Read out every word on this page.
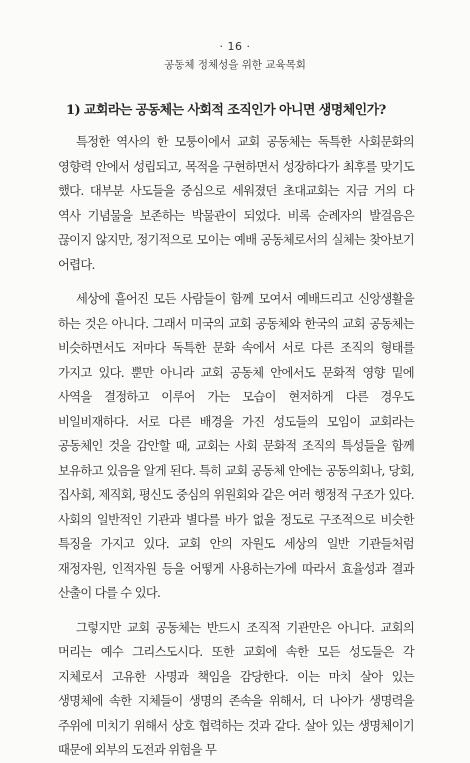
· 16 ·
공동체 정체성을 위한 교육목회
1) 교회라는 공동체는 사회적 조직인가 아니면 생명체인가?

특정한 역사의 한 모퉁이에서 교회 공동체는 독특한 사회문화의 영향력 안에서 성립되고, 목적을 구현하면서 성장하다가 최후를 맞기도 했다. 대부분 사도들을 중심으로 세워졌던 초대교회는 지금 거의 다 역사 기념물을 보존하는 박물관이 되었다. 비록 순례자의 발걸음은 끊이지 않지만, 정기적으로 모이는 예배 공동체로서의 실체는 찾아보기 어렵다.

세상에 흩어진 모든 사람들이 함께 모여서 예배드리고 신앙생활을 하는 것은 아니다. 그래서 미국의 교회 공동체와 한국의 교회 공동체는 비슷하면서도 저마다 독특한 문화 속에서 서로 다른 조직의 형태를 가지고 있다. 뿐만 아니라 교회 공동체 안에서도 문화적 영향 밑에 사역을 결정하고 이루어 가는 모습이 현저하게 다른 경우도 비일비재하다. 서로 다른 배경을 가진 성도들의 모임이 교회라는 공동체인 것을 감안할 때, 교회는 사회 문화적 조직의 특성들을 함께 보유하고 있음을 알게 된다. 특히 교회 공동체 안에는 공동의회나, 당회, 집사회, 제직회, 평신도 중심의 위원회와 같은 여러 행정적 구조가 있다. 사회의 일반적인 기관과 별다를 바가 없을 정도로 구조적으로 비슷한 특징을 가지고 있다. 교회 안의 자원도 세상의 일반 기관들처럼 재정자원, 인적자원 등을 어떻게 사용하는가에 따라서 효율성과 결과 산출이 다를 수 있다.

그렇지만 교회 공동체는 반드시 조직적 기관만은 아니다. 교회의 머리는 예수 그리스도시다. 또한 교회에 속한 모든 성도들은 각 지체로서 고유한 사명과 책임을 감당한다. 이는 마치 살아 있는 생명체에 속한 지체들이 생명의 존속을 위해서, 더 나아가 생명력을 주위에 미치기 위해서 상호 협력하는 것과 같다. 살아 있는 생명체이기 때문에 외부의 도전과 위험을 무
